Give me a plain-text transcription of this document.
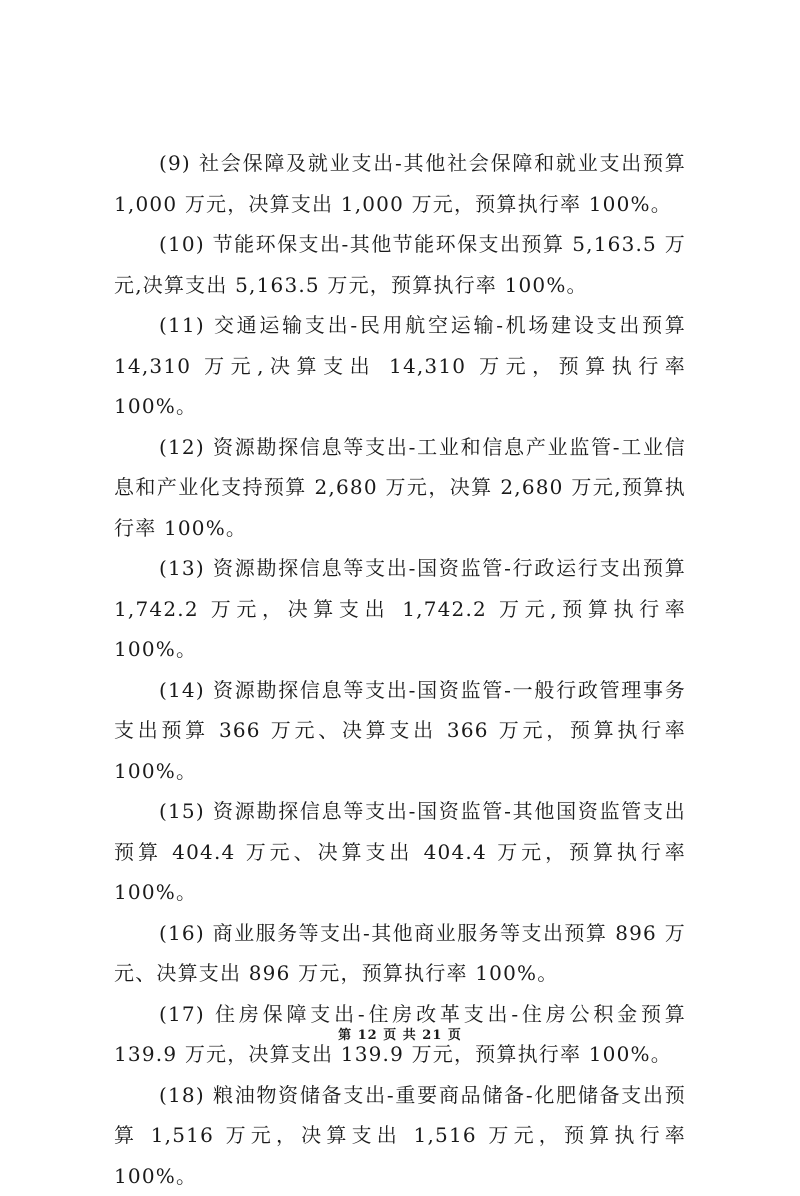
(9) 社会保障及就业支出-其他社会保障和就业支出预算 1,000 万元，决算支出 1,000 万元，预算执行率 100%。

(10) 节能环保支出-其他节能环保支出预算 5,163.5 万元,决算支出 5,163.5 万元，预算执行率 100%。

(11) 交通运输支出-民用航空运输-机场建设支出预算 14,310 万元,决算支出 14,310 万元，预算执行率 100%。

(12) 资源勘探信息等支出-工业和信息产业监管-工业信息和产业化支持预算 2,680 万元，决算 2,680 万元,预算执行率 100%。

(13) 资源勘探信息等支出-国资监管-行政运行支出预算 1,742.2 万元，决算支出 1,742.2 万元,预算执行率 100%。

(14) 资源勘探信息等支出-国资监管-一般行政管理事务支出预算 366 万元、决算支出 366 万元，预算执行率 100%。

(15) 资源勘探信息等支出-国资监管-其他国资监管支出预算 404.4 万元、决算支出 404.4 万元，预算执行率 100%。

(16) 商业服务等支出-其他商业服务等支出预算 896 万元、决算支出 896 万元，预算执行率 100%。

(17) 住房保障支出-住房改革支出-住房公积金预算 139.9 万元，决算支出 139.9 万元，预算执行率 100%。

(18) 粮油物资储备支出-重要商品储备-化肥储备支出预算 1,516 万元，决算支出 1,516 万元，预算执行率 100%。

第 12 页 共 21 页
